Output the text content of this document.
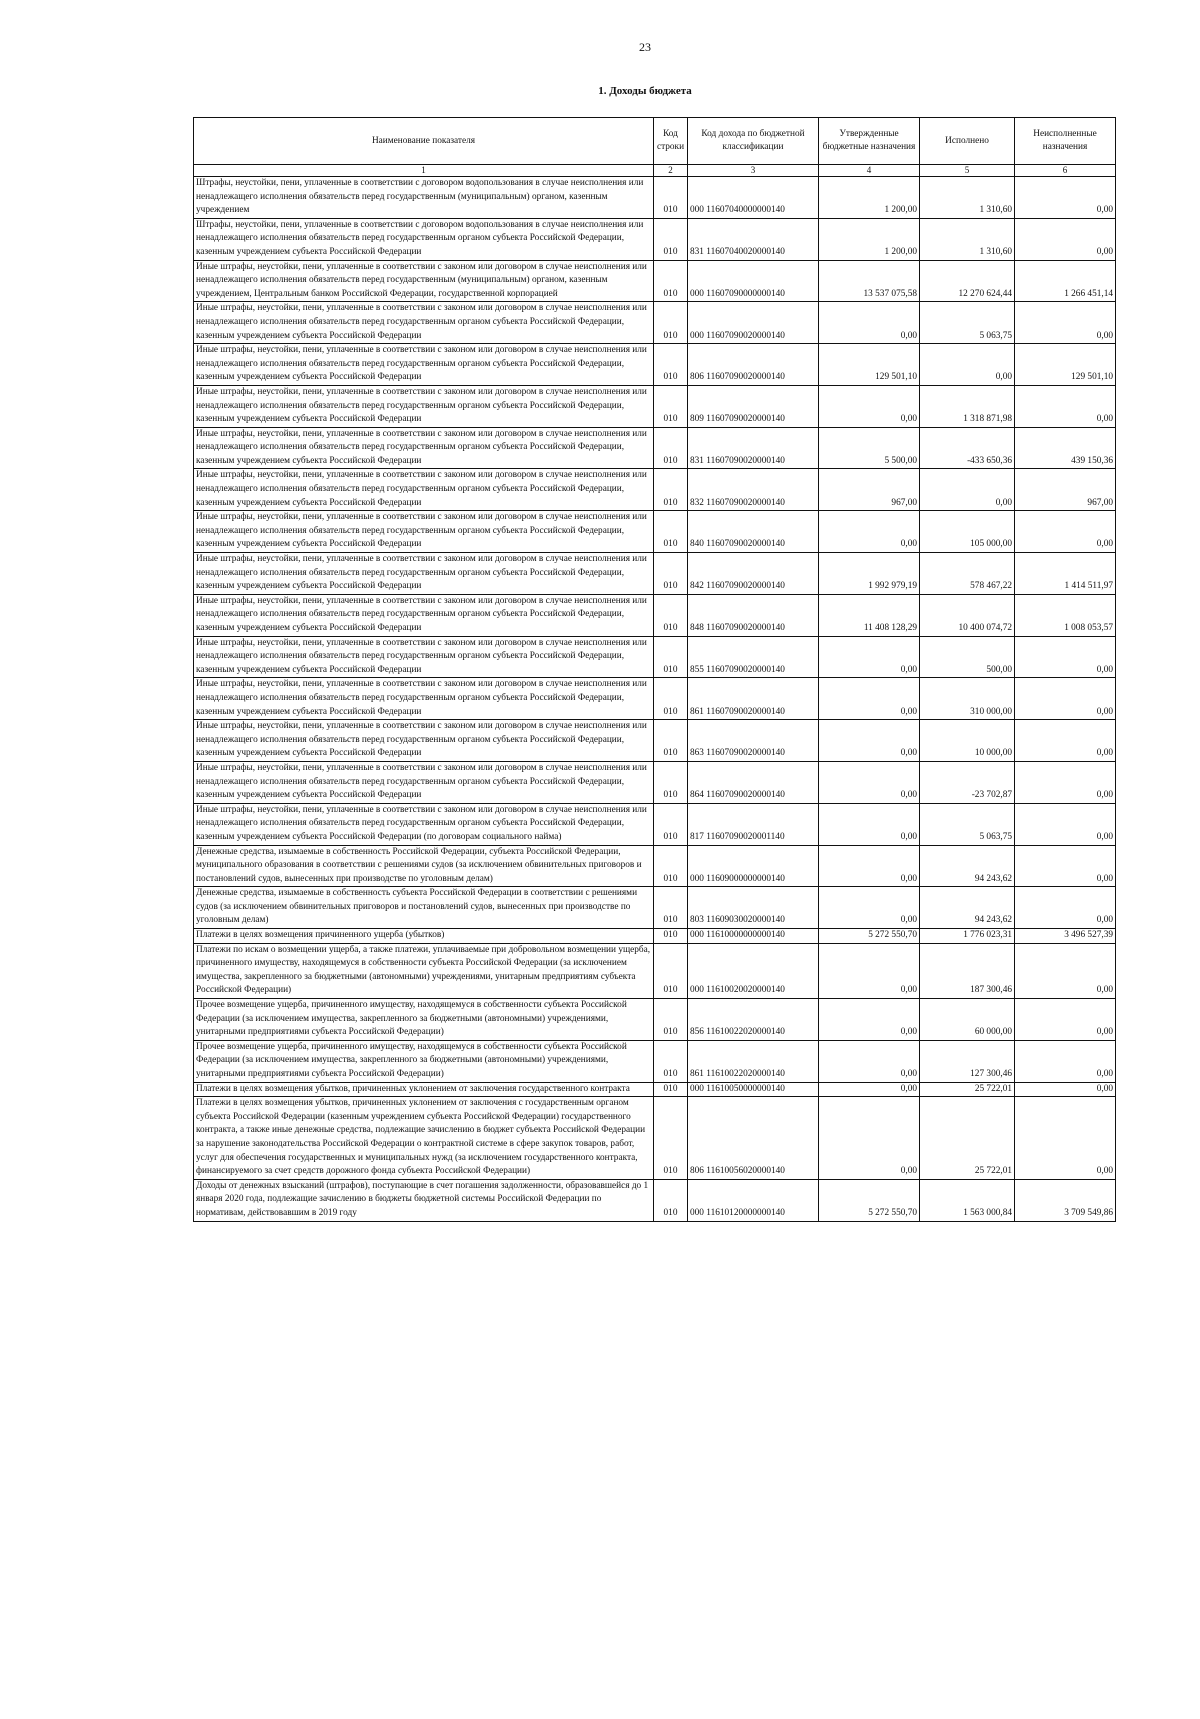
23
1. Доходы бюджета
Наименование показателя	Код строки	Код дохода по бюджетной классификации	Утвержденные бюджетные назначения	Исполнено	Неисполненные назначения
1	2	3	4	5	6
Штрафы, неустойки, пени, уплаченные в соответствии с договором водопользования в случае неисполнения или ненадлежащего исполнения обязательств перед государственным (муниципальным) органом, казенным учреждением	010	000 11607040000000140	1 200,00	1 310,60	0,00
Штрафы, неустойки, пени, уплаченные в соответствии с договором водопользования в случае неисполнения или ненадлежащего исполнения обязательств перед государственным органом субъекта Российской Федерации, казенным учреждением субъекта Российской Федерации	010	831 11607040020000140	1 200,00	1 310,60	0,00
Иные штрафы, неустойки, пени, уплаченные в соответствии с законом или договором в случае неисполнения или ненадлежащего исполнения обязательств перед государственным (муниципальным) органом, казенным учреждением, Центральным банком Российской Федерации, государственной корпорацией	010	000 11607090000000140	13 537 075,58	12 270 624,44	1 266 451,14
Иные штрафы, неустойки, пени, уплаченные в соответствии с законом или договором в случае неисполнения или ненадлежащего исполнения обязательств перед государственным органом субъекта Российской Федерации, казенным учреждением субъекта Российской Федерации	010	000 11607090020000140	0,00	5 063,75	0,00
Иные штрафы, неустойки, пени, уплаченные в соответствии с законом или договором в случае неисполнения или ненадлежащего исполнения обязательств перед государственным органом субъекта Российской Федерации, казенным учреждением субъекта Российской Федерации	010	806 11607090020000140	129 501,10	0,00	129 501,10
Иные штрафы, неустойки, пени, уплаченные в соответствии с законом или договором в случае неисполнения или ненадлежащего исполнения обязательств перед государственным органом субъекта Российской Федерации, казенным учреждением субъекта Российской Федерации	010	809 11607090020000140	0,00	1 318 871,98	0,00
Иные штрафы, неустойки, пени, уплаченные в соответствии с законом или договором в случае неисполнения или ненадлежащего исполнения обязательств перед государственным органом субъекта Российской Федерации, казенным учреждением субъекта Российской Федерации	010	831 11607090020000140	5 500,00	-433 650,36	439 150,36
Иные штрафы, неустойки, пени, уплаченные в соответствии с законом или договором в случае неисполнения или ненадлежащего исполнения обязательств перед государственным органом субъекта Российской Федерации, казенным учреждением субъекта Российской Федерации	010	832 11607090020000140	967,00	0,00	967,00
Иные штрафы, неустойки, пени, уплаченные в соответствии с законом или договором в случае неисполнения или ненадлежащего исполнения обязательств перед государственным органом субъекта Российской Федерации, казенным учреждением субъекта Российской Федерации	010	840 11607090020000140	0,00	105 000,00	0,00
Иные штрафы, неустойки, пени, уплаченные в соответствии с законом или договором в случае неисполнения или ненадлежащего исполнения обязательств перед государственным органом субъекта Российской Федерации, казенным учреждением субъекта Российской Федерации	010	842 11607090020000140	1 992 979,19	578 467,22	1 414 511,97
Иные штрафы, неустойки, пени, уплаченные в соответствии с законом или договором в случае неисполнения или ненадлежащего исполнения обязательств перед государственным органом субъекта Российской Федерации, казенным учреждением субъекта Российской Федерации	010	848 11607090020000140	11 408 128,29	10 400 074,72	1 008 053,57
Иные штрафы, неустойки, пени, уплаченные в соответствии с законом или договором в случае неисполнения или ненадлежащего исполнения обязательств перед государственным органом субъекта Российской Федерации, казенным учреждением субъекта Российской Федерации	010	855 11607090020000140	0,00	500,00	0,00
Иные штрафы, неустойки, пени, уплаченные в соответствии с законом или договором в случае неисполнения или ненадлежащего исполнения обязательств перед государственным органом субъекта Российской Федерации, казенным учреждением субъекта Российской Федерации	010	861 11607090020000140	0,00	310 000,00	0,00
Иные штрафы, неустойки, пени, уплаченные в соответствии с законом или договором в случае неисполнения или ненадлежащего исполнения обязательств перед государственным органом субъекта Российской Федерации, казенным учреждением субъекта Российской Федерации	010	863 11607090020000140	0,00	10 000,00	0,00
Иные штрафы, неустойки, пени, уплаченные в соответствии с законом или договором в случае неисполнения или ненадлежащего исполнения обязательств перед государственным органом субъекта Российской Федерации, казенным учреждением субъекта Российской Федерации	010	864 11607090020000140	0,00	-23 702,87	0,00
Иные штрафы, неустойки, пени, уплаченные в соответствии с законом или договором в случае неисполнения или ненадлежащего исполнения обязательств перед государственным органом субъекта Российской Федерации, казенным учреждением субъекта Российской Федерации (по договорам социального найма)	010	817 11607090020001140	0,00	5 063,75	0,00
Денежные средства, изымаемые в собственность Российской Федерации, субъекта Российской Федерации, муниципального образования в соответствии с решениями судов (за исключением обвинительных приговоров и постановлений судов, вынесенных при производстве по уголовным делам)	010	000 11609000000000140	0,00	94 243,62	0,00
Денежные средства, изымаемые в собственность субъекта Российской Федерации в соответствии с решениями судов (за исключением обвинительных приговоров и постановлений судов, вынесенных при производстве по уголовным делам)	010	803 11609030020000140	0,00	94 243,62	0,00
Платежи в целях возмещения причиненного ущерба (убытков)	010	000 11610000000000140	5 272 550,70	1 776 023,31	3 496 527,39
Платежи по искам о возмещении ущерба, а также платежи, уплачиваемые при добровольном возмещении ущерба, причиненного имуществу, находящемуся в собственности субъекта Российской Федерации (за исключением имущества, закрепленного за бюджетными (автономными) учреждениями, унитарным предприятиям субъекта Российской Федерации)	010	000 11610020020000140	0,00	187 300,46	0,00
Прочее возмещение ущерба, причиненного имуществу, находящемуся в собственности субъекта Российской Федерации (за исключением имущества, закрепленного за бюджетными (автономными) учреждениями, унитарными предприятиями субъекта Российской Федерации)	010	856 11610022020000140	0,00	60 000,00	0,00
Прочее возмещение ущерба, причиненного имуществу, находящемуся в собственности субъекта Российской Федерации (за исключением имущества, закрепленного за бюджетными (автономными) учреждениями, унитарными предприятиями субъекта Российской Федерации)	010	861 11610022020000140	0,00	127 300,46	0,00
Платежи в целях возмещения убытков, причиненных уклонением от заключения государственного контракта	010	000 11610050000000140	0,00	25 722,01	0,00
Платежи в целях возмещения убытков, причиненных уклонением от заключения с государственным органом субъекта Российской Федерации (казенным учреждением субъекта Российской Федерации) государственного контракта, а также иные денежные средства, подлежащие зачислению в бюджет субъекта Российской Федерации за нарушение законодательства Российской Федерации о контрактной системе в сфере закупок товаров, работ, услуг для обеспечения государственных и муниципальных нужд (за исключением государственного контракта, финансируемого за счет средств дорожного фонда субъекта Российской Федерации)	010	806 11610056020000140	0,00	25 722,01	0,00
Доходы от денежных взысканий (штрафов), поступающие в счет погашения задолженности, образовавшейся до 1 января 2020 года, подлежащие зачислению в бюджеты бюджетной системы Российской Федерации по нормативам, действовавшим в 2019 году	010	000 11610120000000140	5 272 550,70	1 563 000,84	3 709 549,86
